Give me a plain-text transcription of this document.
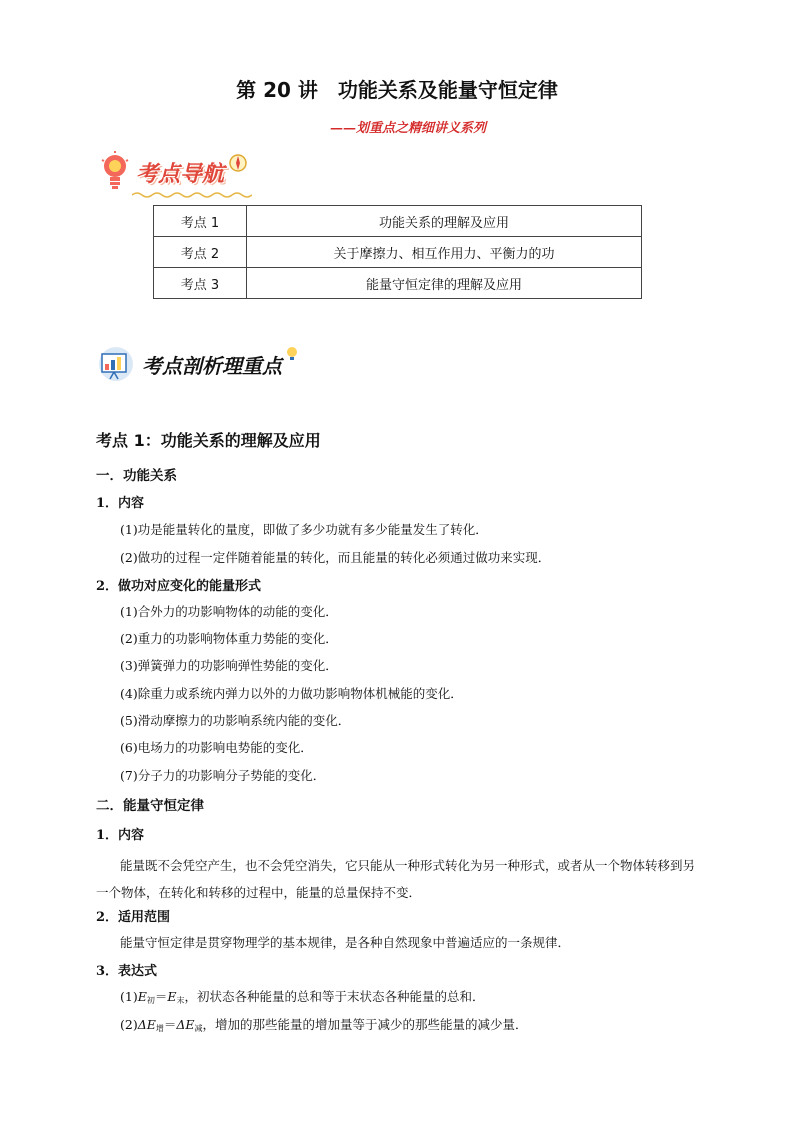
第 20 讲　功能关系及能量守恒定律
——划重点之精细讲义系列
考点导航
考点 1	功能关系的理解及应用
考点 2	关于摩擦力、相互作用力、平衡力的功
考点 3	能量守恒定律的理解及应用
考点剖析理重点
考点 1：功能关系的理解及应用
一．功能关系
1．内容
(1)功是能量转化的量度，即做了多少功就有多少能量发生了转化．
(2)做功的过程一定伴随着能量的转化，而且能量的转化必须通过做功来实现．
2．做功对应变化的能量形式
(1)合外力的功影响物体的动能的变化．
(2)重力的功影响物体重力势能的变化．
(3)弹簧弹力的功影响弹性势能的变化．
(4)除重力或系统内弹力以外的力做功影响物体机械能的变化．
(5)滑动摩擦力的功影响系统内能的变化．
(6)电场力的功影响电势能的变化．
(7)分子力的功影响分子势能的变化．
二．能量守恒定律
1．内容
能量既不会凭空产生，也不会凭空消失，它只能从一种形式转化为另一种形式，或者从一个物体转移到另一个物体，在转化和转移的过程中，能量的总量保持不变．
2．适用范围
能量守恒定律是贯穿物理学的基本规律，是各种自然现象中普遍适应的一条规律．
3．表达式
$(1)E_初=E_末$，初状态各种能量的总和等于末状态各种能量的总和．
$(2)\Delta E_增=\Delta E_减$，增加的那些能量的增加量等于减少的那些能量的减少量．
